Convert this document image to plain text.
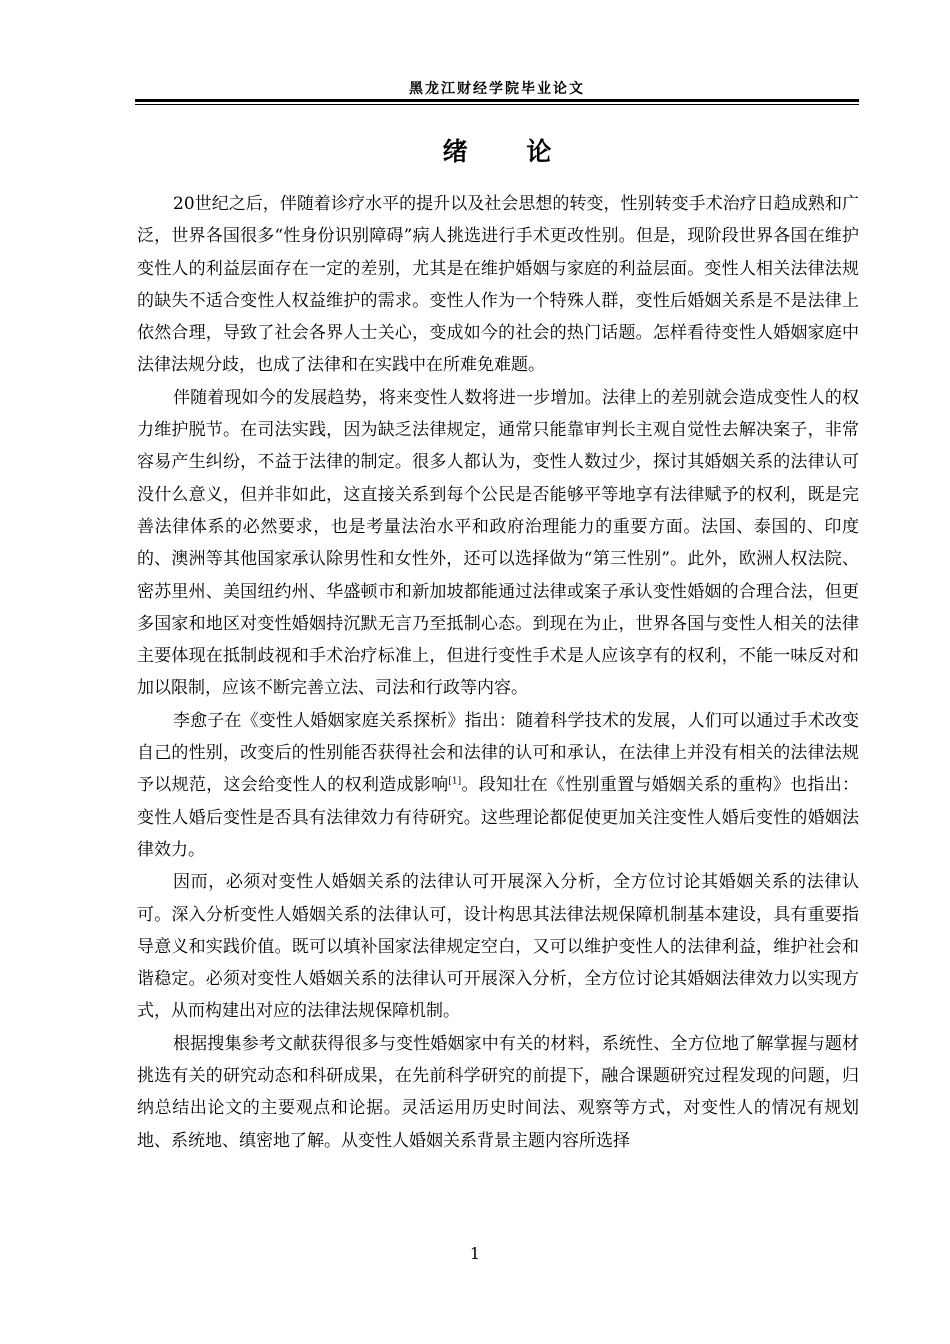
黑龙江财经学院毕业论文
绪 论

20世纪之后，伴随着诊疗水平的提升以及社会思想的转变，性别转变手术治疗日趋成熟和广泛，世界各国很多“性身份识别障碍”病人挑选进行手术更改性别。但是，现阶段世界各国在维护变性人的利益层面存在一定的差别，尤其是在维护婚姻与家庭的利益层面。变性人相关法律法规的缺失不适合变性人权益维护的需求。变性人作为一个特殊人群，变性后婚姻关系是不是法律上依然合理，导致了社会各界人士关心，变成如今的社会的热门话题。怎样看待变性人婚姻家庭中法律法规分歧，也成了法律和在实践中在所难免难题。

伴随着现如今的发展趋势，将来变性人数将进一步增加。法律上的差别就会造成变性人的权力维护脱节。在司法实践，因为缺乏法律规定，通常只能靠审判长主观自觉性去解决案子，非常容易产生纠纷，不益于法律的制定。很多人都认为，变性人数过少，探讨其婚姻关系的法律认可没什么意义，但并非如此，这直接关系到每个公民是否能够平等地享有法律赋予的权利，既是完善法律体系的必然要求，也是考量法治水平和政府治理能力的重要方面。法国、泰国的、印度的、澳洲等其他国家承认除男性和女性外，还可以选择做为“第三性别”。此外，欧洲人权法院、密苏里州、美国纽约州、华盛顿市和新加坡都能通过法律或案子承认变性婚姻的合理合法，但更多国家和地区对变性婚姻持沉默无言乃至抵制心态。到现在为止，世界各国与变性人相关的法律主要体现在抵制歧视和手术治疗标准上，但进行变性手术是人应该享有的权利，不能一味反对和加以限制，应该不断完善立法、司法和行政等内容。

李愈子在《变性人婚姻家庭关系探析》指出：随着科学技术的发展，人们可以通过手术改变自己的性别，改变后的性别能否获得社会和法律的认可和承认，在法律上并没有相关的法律法规予以规范，这会给变性人的权利造成影响[1]。段知壮在《性别重置与婚姻关系的重构》也指出：变性人婚后变性是否具有法律效力有待研究。这些理论都促使更加关注变性人婚后变性的婚姻法律效力。

因而，必须对变性人婚姻关系的法律认可开展深入分析，全方位讨论其婚姻关系的法律认可。深入分析变性人婚姻关系的法律认可，设计构思其法律法规保障机制基本建设，具有重要指导意义和实践价值。既可以填补国家法律规定空白，又可以维护变性人的法律利益，维护社会和谐稳定。必须对变性人婚姻关系的法律认可开展深入分析，全方位讨论其婚姻法律效力以实现方式，从而构建出对应的法律法规保障机制。

根据搜集参考文献获得很多与变性婚姻家中有关的材料，系统性、全方位地了解掌握与题材挑选有关的研究动态和科研成果，在先前科学研究的前提下，融合课题研究过程发现的问题，归纳总结出论文的主要观点和论据。灵活运用历史时间法、观察等方式，对变性人的情况有规划地、系统地、缜密地了解。从变性人婚姻关系背景主题内容所选择

1
